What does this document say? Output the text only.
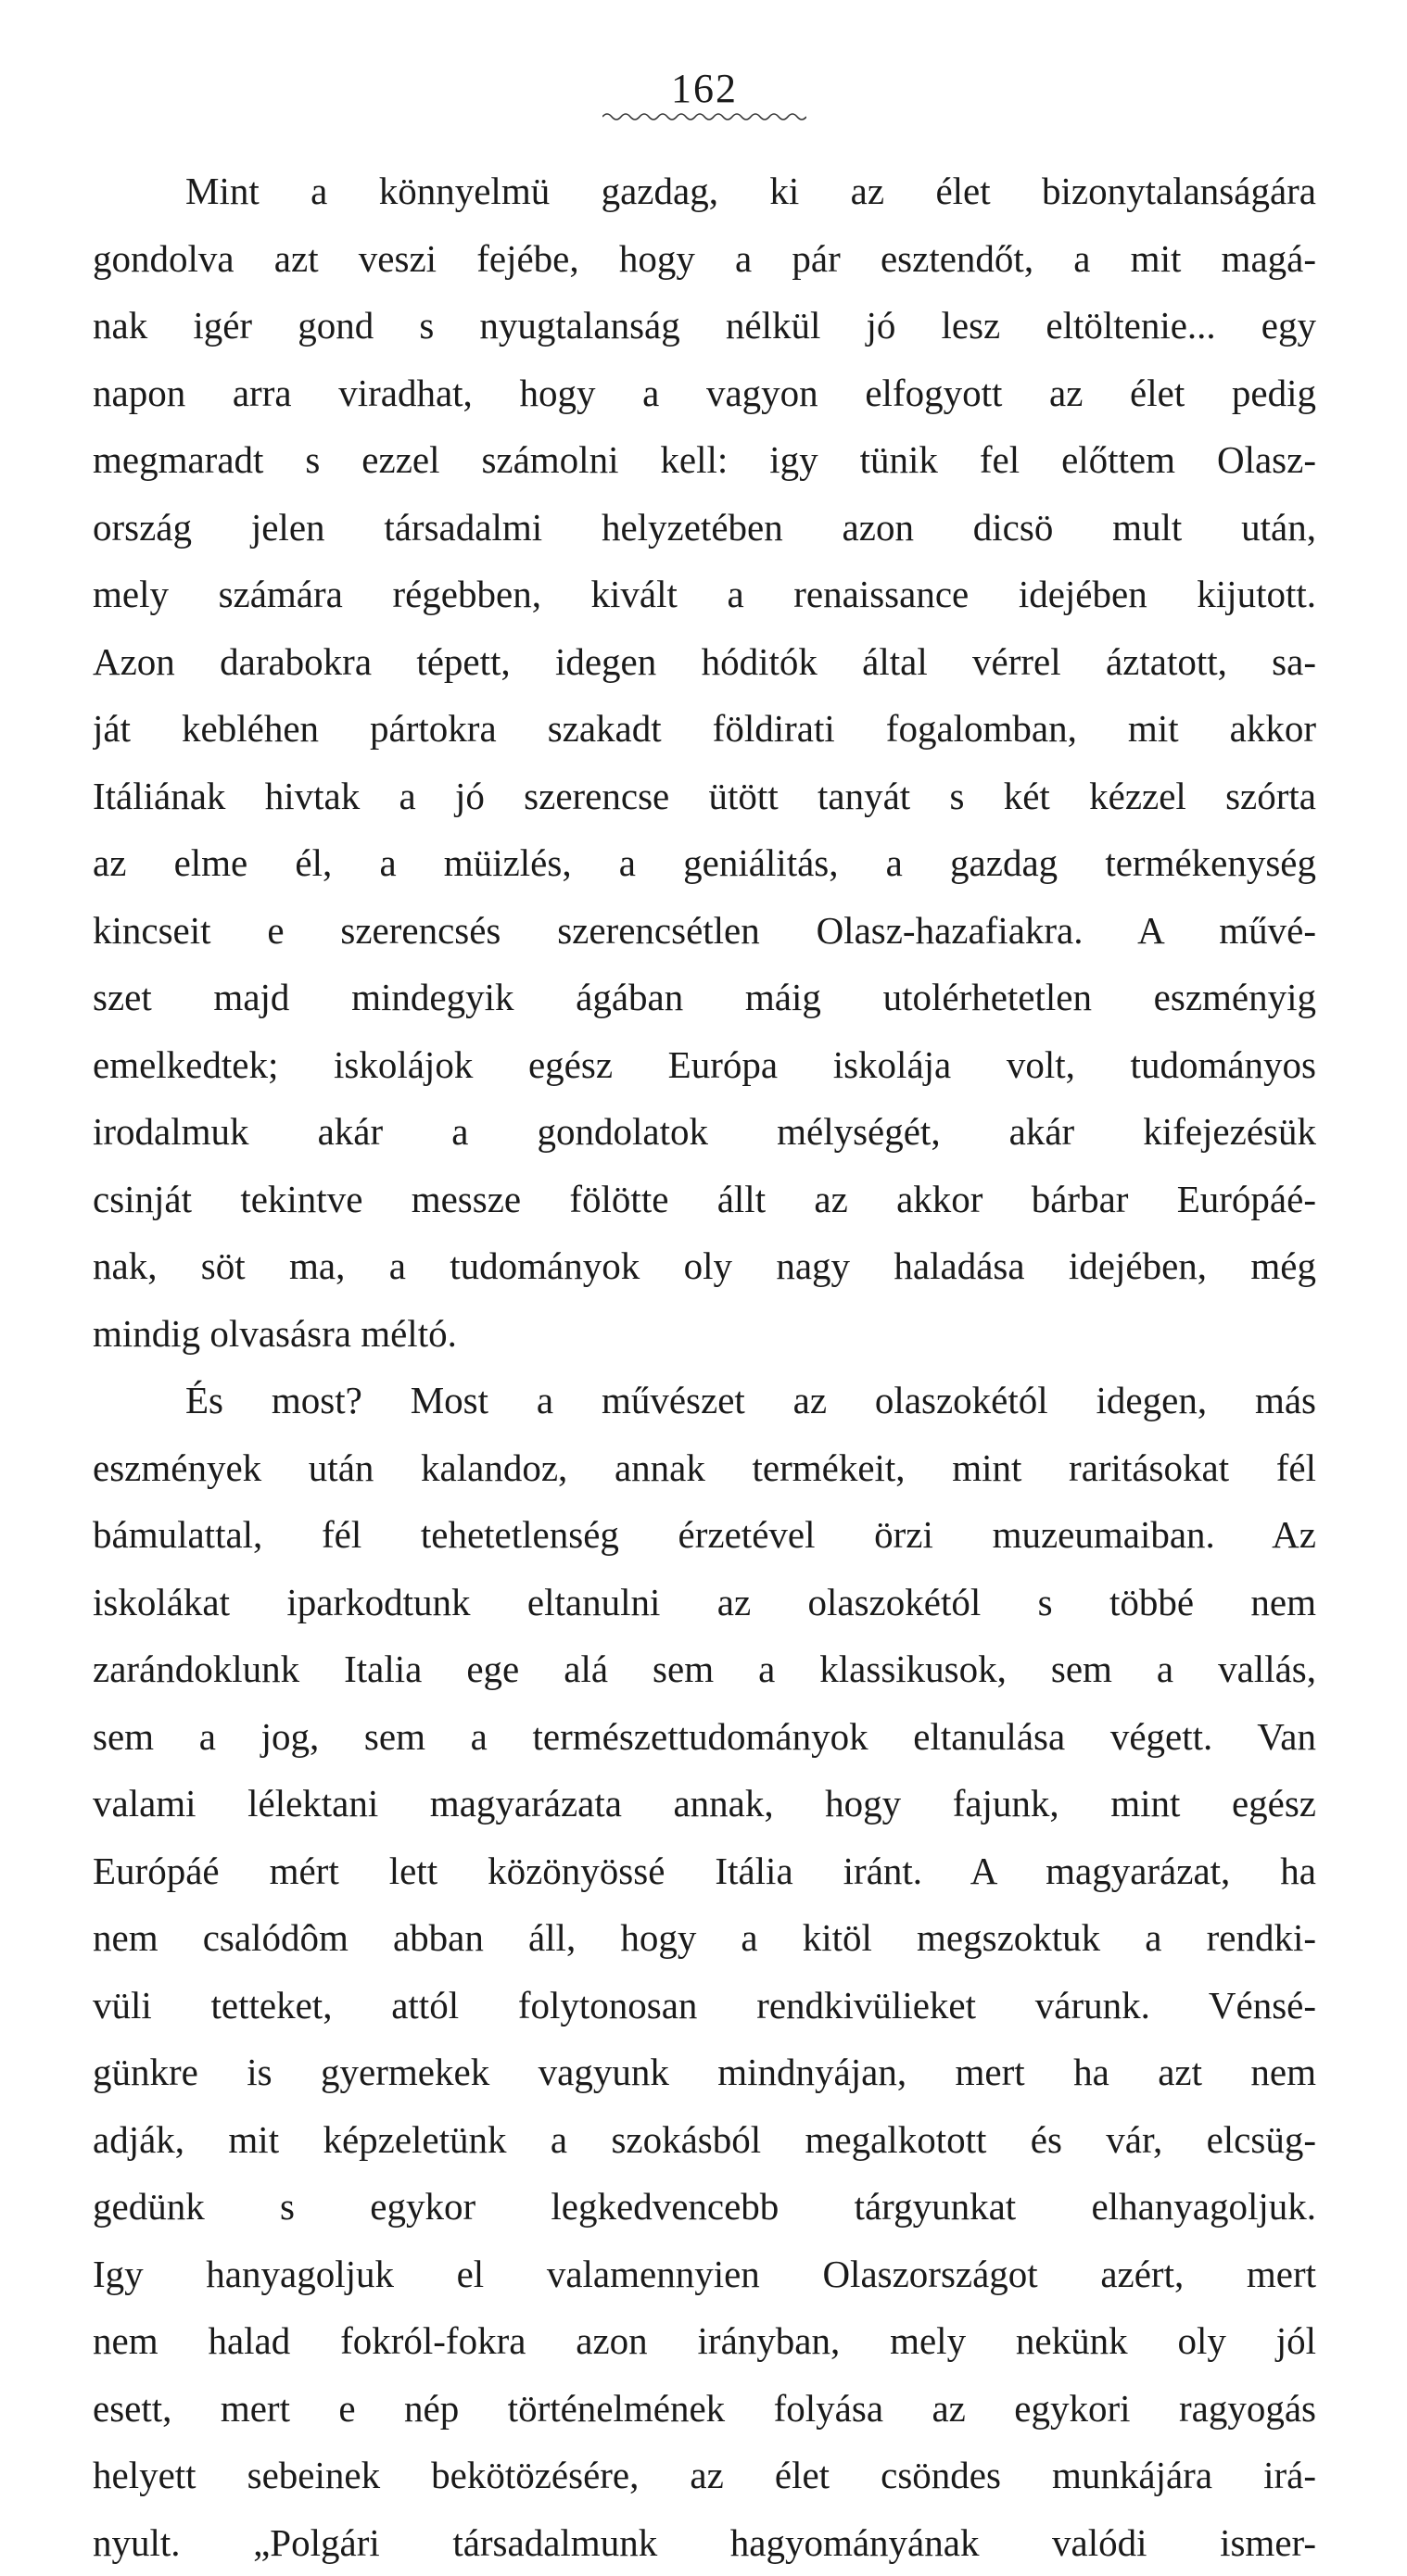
162
Mint a könnyelmü gazdag, ki az élet bizonytalanságára
gondolva azt veszi fejébe, hogy a pár esztendőt, a mit magá-
nak igér gond s nyugtalanság nélkül jó lesz eltöltenie... egy
napon arra viradhat, hogy a vagyon elfogyott az élet pedig
megmaradt s ezzel számolni kell: igy tünik fel előttem Olasz-
ország jelen társadalmi helyzetében azon dicsö mult után,
mely számára régebben, kivált a renaissance idejében kijutott.
Azon darabokra tépett, idegen hóditók által vérrel áztatott, sa-
ját kebléhen pártokra szakadt földirati fogalomban, mit akkor
Itáliának hivtak a jó szerencse ütött tanyát s két kézzel szórta
az elme él, a müizlés, a geniálitás, a gazdag termékenység
kincseit e szerencsés szerencsétlen Olasz-hazafiakra. A művé-
szet majd mindegyik ágában máig utolérhetetlen eszményig
emelkedtek; iskolájok egész Európa iskolája volt, tudományos
irodalmuk akár a gondolatok mélységét, akár kifejezésük
csinját tekintve messze fölötte állt az akkor bárbar Európáé-
nak, söt ma, a tudományok oly nagy haladása idejében, még
mindig olvasásra méltó.
És most? Most a művészet az olaszokétól idegen, más
eszmények után kalandoz, annak termékeit, mint raritásokat fél
bámulattal, fél tehetetlenség érzetével örzi muzeumaiban. Az
iskolákat iparkodtunk eltanulni az olaszokétól s többé nem
zarándoklunk Italia ege alá sem a klassikusok, sem a vallás,
sem a jog, sem a természettudományok eltanulása végett. Van
valami lélektani magyarázata annak, hogy fajunk, mint egész
Európáé mért lett közönyössé Itália iránt. A magyarázat, ha
nem csalódôm abban áll, hogy a kitöl megszoktuk a rendki-
vüli tetteket, attól folytonosan rendkivülieket várunk. Vénsé-
günkre is gyermekek vagyunk mindnyájan, mert ha azt nem
adják, mit képzeletünk a szokásból megalkotott és vár, elcsüg-
gedünk s egykor legkedvencebb tárgyunkat elhanyagoljuk.
Igy hanyagoljuk el valamennyien Olaszországot azért, mert
nem halad fokról-fokra azon irányban, mely nekünk oly jól
esett, mert e nép történelmének folyása az egykori ragyogás
helyett sebeinek bekötözésére, az élet csöndes munkájára irá-
nyult. „Polgári társadalmunk hagyományának valódi ismer-
